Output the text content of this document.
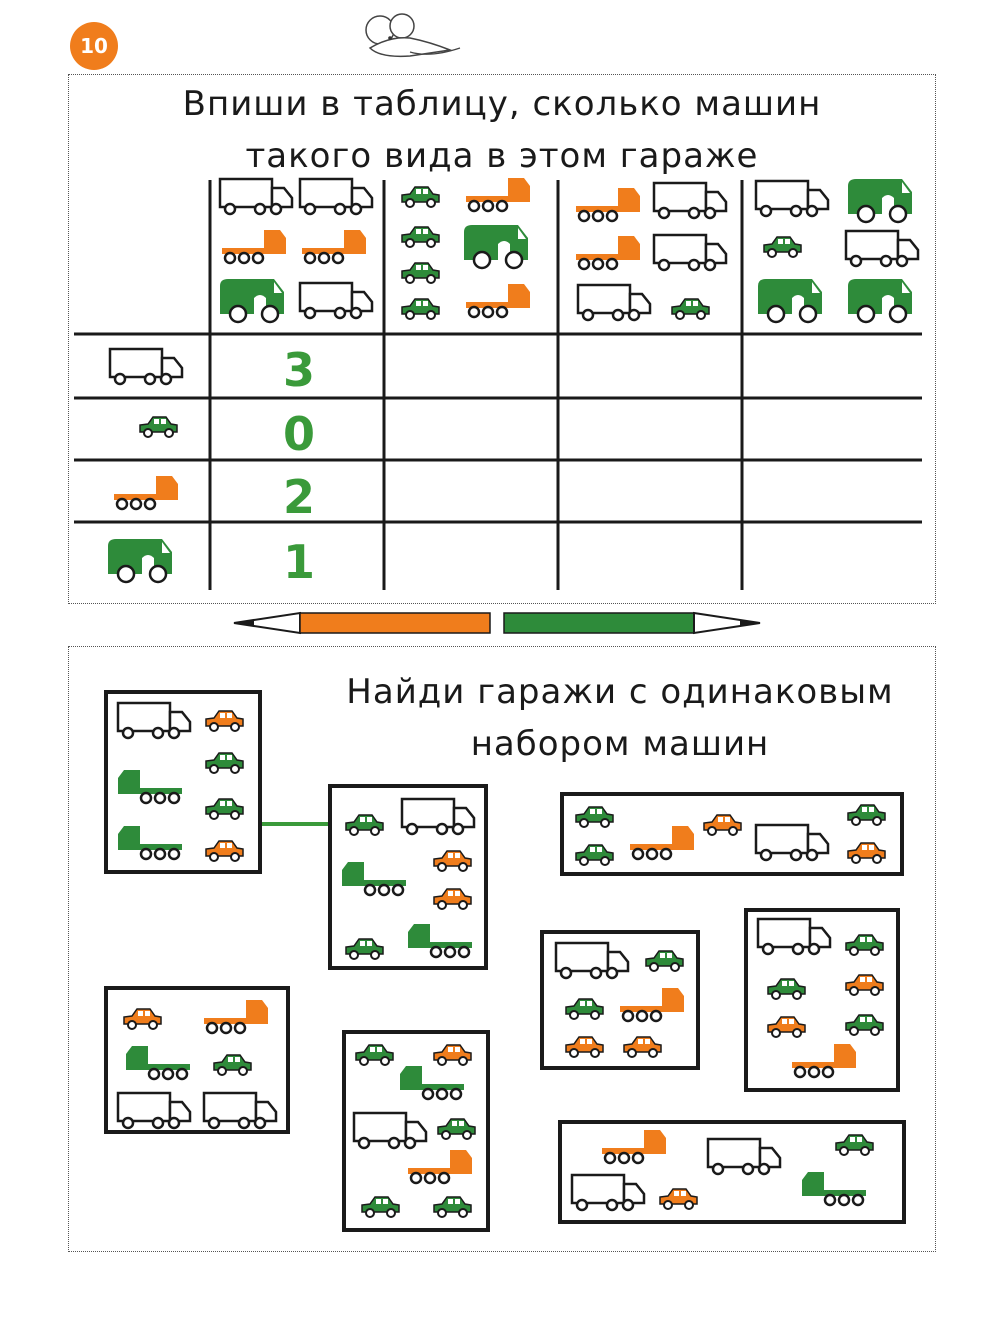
10
Впиши в таблицу, сколько машин
такого вида в этом гараже
3
0
2
1
Найди гаражи с одинаковым
набором машин
